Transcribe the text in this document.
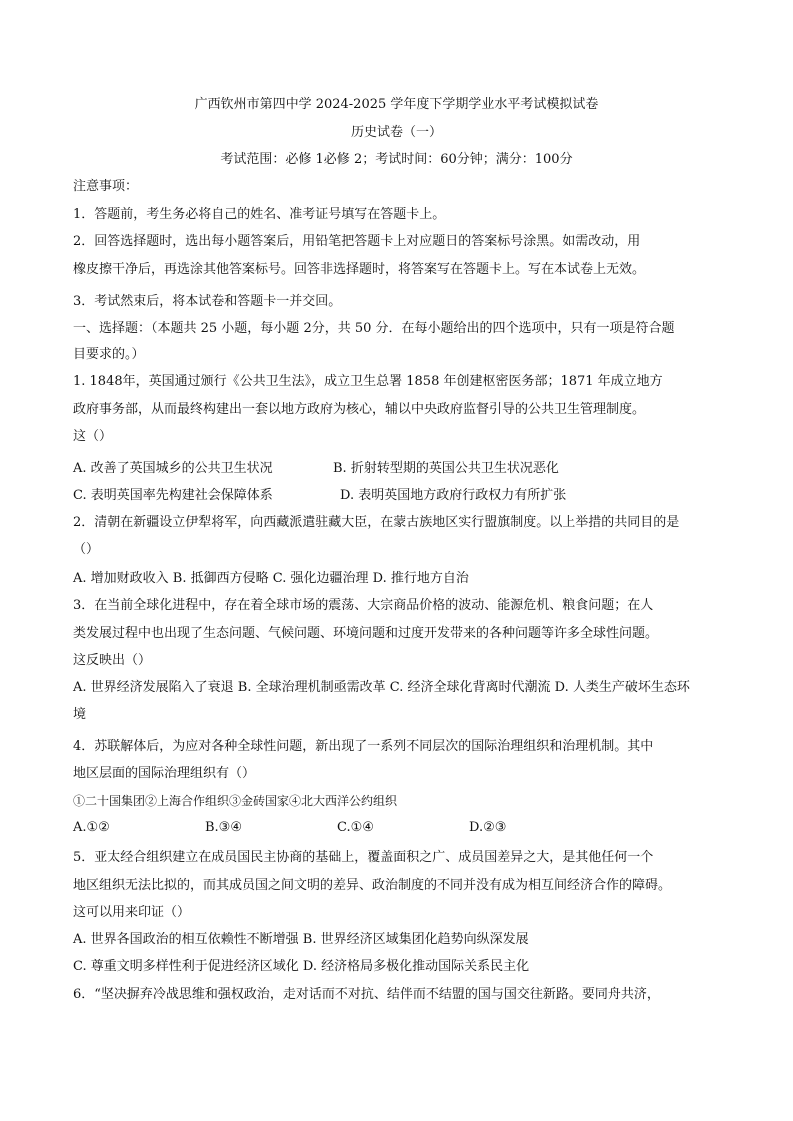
广西钦州市第四中学 2024-2025 学年度下学期学业水平考试模拟试卷
历史试卷（一）
考试范围：必修 1必修 2；考试时间：60分钟；满分：100分
注意事项：
1．答题前，考生务必将自己的姓名、准考证号填写在答题卡上。
2．回答选择题时，选出每小题答案后，用铅笔把答题卡上对应题日的答案标号涂黑。如需改动，用
橡皮擦干净后，再选涂其他答案标号。回答非选择题时，将答案写在答题卡上。写在本试卷上无效。
3．考试然束后，将本试卷和答题卡一并交回。
一、选择题：（本题共 25 小题，每小题 2分，共 50 分．在每小题给出的四个选项中，只有一项是符合题
目要求的。）
1. 1848年，英国通过颁行《公共卫生法》，成立卫生总署 1858 年创建枢密医务部；1871 年成立地方
政府事务部，从而最终构建出一套以地方政府为核心，辅以中央政府监督引导的公共卫生管理制度。
这（）
A. 改善了英国城乡的公共卫生状况	B. 折射转型期的英国公共卫生状况恶化
C. 表明英国率先构建社会保障体系	D. 表明英国地方政府行政权力有所扩张
2．清朝在新疆设立伊犁将军，向西藏派遣驻藏大臣，在蒙古族地区实行盟旗制度。以上举措的共同目的是
（）
A. 增加财政收入 B. 抵御西方侵略 C. 强化边疆治理 D. 推行地方自治
3．在当前全球化进程中，存在着全球市场的震荡、大宗商品价格的波动、能源危机、粮食问题；在人
类发展过程中也出现了生态问题、气候问题、环境问题和过度开发带来的各种问题等许多全球性问题。
这反映出（）
A. 世界经济发展陷入了衰退 B. 全球治理机制亟需改革 C. 经济全球化背离时代潮流 D. 人类生产破坏生态环
境
4．苏联解体后，为应对各种全球性问题，新出现了一系列不同层次的国际治理组织和治理机制。其中
地区层面的国际治理组织有（）
①二十国集团②上海合作组织③金砖国家④北大西洋公约组织
A.①②	B.③④	C.①④	D.②③
5．亚太经合组织建立在成员国民主协商的基础上，覆盖面积之广、成员国差异之大，是其他任何一个
地区组织无法比拟的，而其成员国之间文明的差异、政治制度的不同并没有成为相互间经济合作的障碍。
这可以用来印证（）
A. 世界各国政治的相互依赖性不断增强 B. 世界经济区域集团化趋势向纵深发展
C. 尊重文明多样性利于促进经济区域化 D. 经济格局多极化推动国际关系民主化
6．“坚决摒弃冷战思维和强权政治，走对话而不对抗、结伴而不结盟的国与国交往新路。要同舟共济，
